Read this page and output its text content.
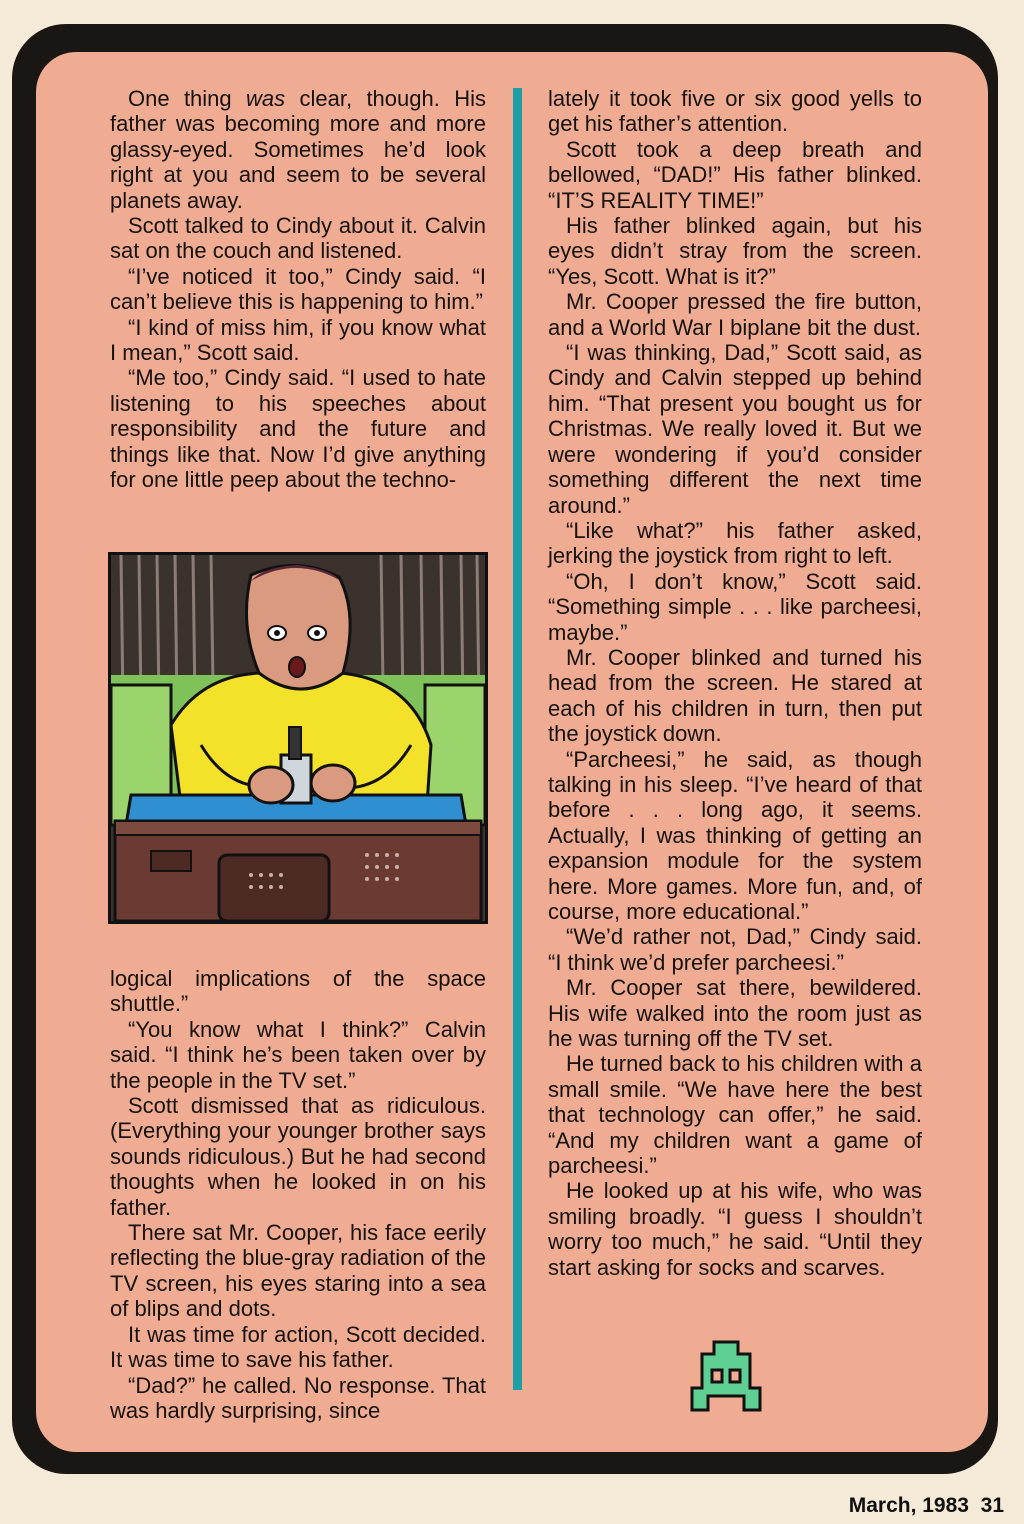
One thing was clear, though. His father was becoming more and more glassy-eyed. Sometimes he’d look right at you and seem to be several planets away.

Scott talked to Cindy about it. Calvin sat on the couch and listened.

“I’ve noticed it too,” Cindy said. “I can’t believe this is happening to him.”

“I kind of miss him, if you know what I mean,” Scott said.

“Me too,” Cindy said. “I used to hate listening to his speeches about responsibility and the future and things like that. Now I’d give anything for one little peep about the techno-

logical implications of the space shuttle.”

“You know what I think?” Calvin said. “I think he’s been taken over by the people in the TV set.”

Scott dismissed that as ridiculous. (Everything your younger brother says sounds ridiculous.) But he had second thoughts when he looked in on his father.

There sat Mr. Cooper, his face eerily reflecting the blue-gray radiation of the TV screen, his eyes staring into a sea of blips and dots.

It was time for action, Scott decided. It was time to save his father.

“Dad?” he called. No response. That was hardly surprising, since

lately it took five or six good yells to get his father’s attention.

Scott took a deep breath and bellowed, “DAD!” His father blinked. “IT’S REALITY TIME!”

His father blinked again, but his eyes didn’t stray from the screen. “Yes, Scott. What is it?”

Mr. Cooper pressed the fire button, and a World War I biplane bit the dust.

“I was thinking, Dad,” Scott said, as Cindy and Calvin stepped up behind him. “That present you bought us for Christmas. We really loved it. But we were wondering if you’d consider something different the next time around.”

“Like what?” his father asked, jerking the joystick from right to left.

“Oh, I don’t know,” Scott said. “Something simple . . . like parcheesi, maybe.”

Mr. Cooper blinked and turned his head from the screen. He stared at each of his children in turn, then put the joystick down.

“Parcheesi,” he said, as though talking in his sleep. “I’ve heard of that before . . . long ago, it seems. Actually, I was thinking of getting an expansion module for the system here. More games. More fun, and, of course, more educational.”

“We’d rather not, Dad,” Cindy said. “I think we’d prefer parcheesi.”

Mr. Cooper sat there, bewildered. His wife walked into the room just as he was turning off the TV set.

He turned back to his children with a small smile. “We have here the best that technology can offer,” he said. “And my children want a game of parcheesi.”

He looked up at his wife, who was smiling broadly. “I guess I shouldn’t worry too much,” he said. “Until they start asking for socks and scarves.

March, 1983  31
